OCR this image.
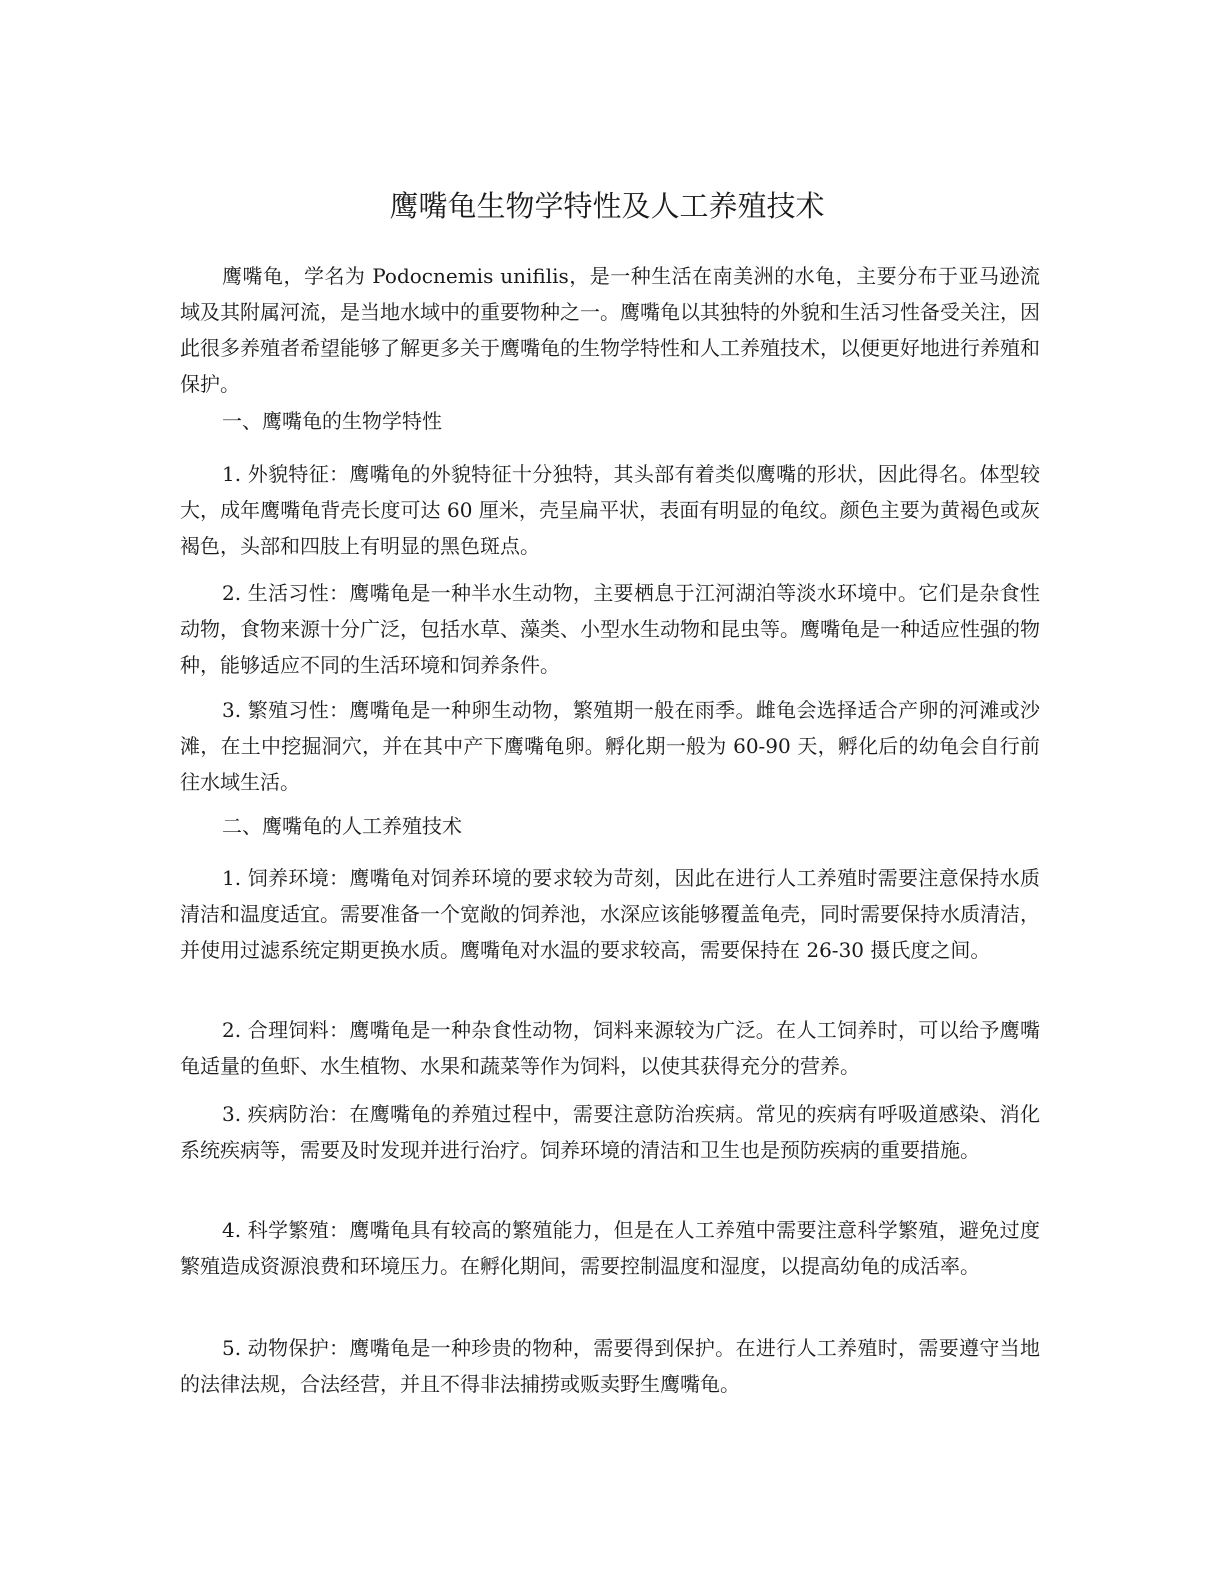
鹰嘴龟生物学特性及人工养殖技术

鹰嘴龟，学名为 Podocnemis unifilis，是一种生活在南美洲的水龟，主要分布于亚马逊流域及其附属河流，是当地水域中的重要物种之一。鹰嘴龟以其独特的外貌和生活习性备受关注，因此很多养殖者希望能够了解更多关于鹰嘴龟的生物学特性和人工养殖技术，以便更好地进行养殖和保护。

一、鹰嘴龟的生物学特性

1. 外貌特征：鹰嘴龟的外貌特征十分独特，其头部有着类似鹰嘴的形状，因此得名。体型较大，成年鹰嘴龟背壳长度可达 60 厘米，壳呈扁平状，表面有明显的龟纹。颜色主要为黄褐色或灰褐色，头部和四肢上有明显的黑色斑点。

2. 生活习性：鹰嘴龟是一种半水生动物，主要栖息于江河湖泊等淡水环境中。它们是杂食性动物，食物来源十分广泛，包括水草、藻类、小型水生动物和昆虫等。鹰嘴龟是一种适应性强的物种，能够适应不同的生活环境和饲养条件。

3. 繁殖习性：鹰嘴龟是一种卵生动物，繁殖期一般在雨季。雌龟会选择适合产卵的河滩或沙滩，在土中挖掘洞穴，并在其中产下鹰嘴龟卵。孵化期一般为 60-90 天，孵化后的幼龟会自行前往水域生活。

二、鹰嘴龟的人工养殖技术

1. 饲养环境：鹰嘴龟对饲养环境的要求较为苛刻，因此在进行人工养殖时需要注意保持水质清洁和温度适宜。需要准备一个宽敞的饲养池，水深应该能够覆盖龟壳，同时需要保持水质清洁，并使用过滤系统定期更换水质。鹰嘴龟对水温的要求较高，需要保持在 26-30 摄氏度之间。

2. 合理饲料：鹰嘴龟是一种杂食性动物，饲料来源较为广泛。在人工饲养时，可以给予鹰嘴龟适量的鱼虾、水生植物、水果和蔬菜等作为饲料，以使其获得充分的营养。

3. 疾病防治：在鹰嘴龟的养殖过程中，需要注意防治疾病。常见的疾病有呼吸道感染、消化系统疾病等，需要及时发现并进行治疗。饲养环境的清洁和卫生也是预防疾病的重要措施。

4. 科学繁殖：鹰嘴龟具有较高的繁殖能力，但是在人工养殖中需要注意科学繁殖，避免过度繁殖造成资源浪费和环境压力。在孵化期间，需要控制温度和湿度，以提高幼龟的成活率。

5. 动物保护：鹰嘴龟是一种珍贵的物种，需要得到保护。在进行人工养殖时，需要遵守当地的法律法规，合法经营，并且不得非法捕捞或贩卖野生鹰嘴龟。
